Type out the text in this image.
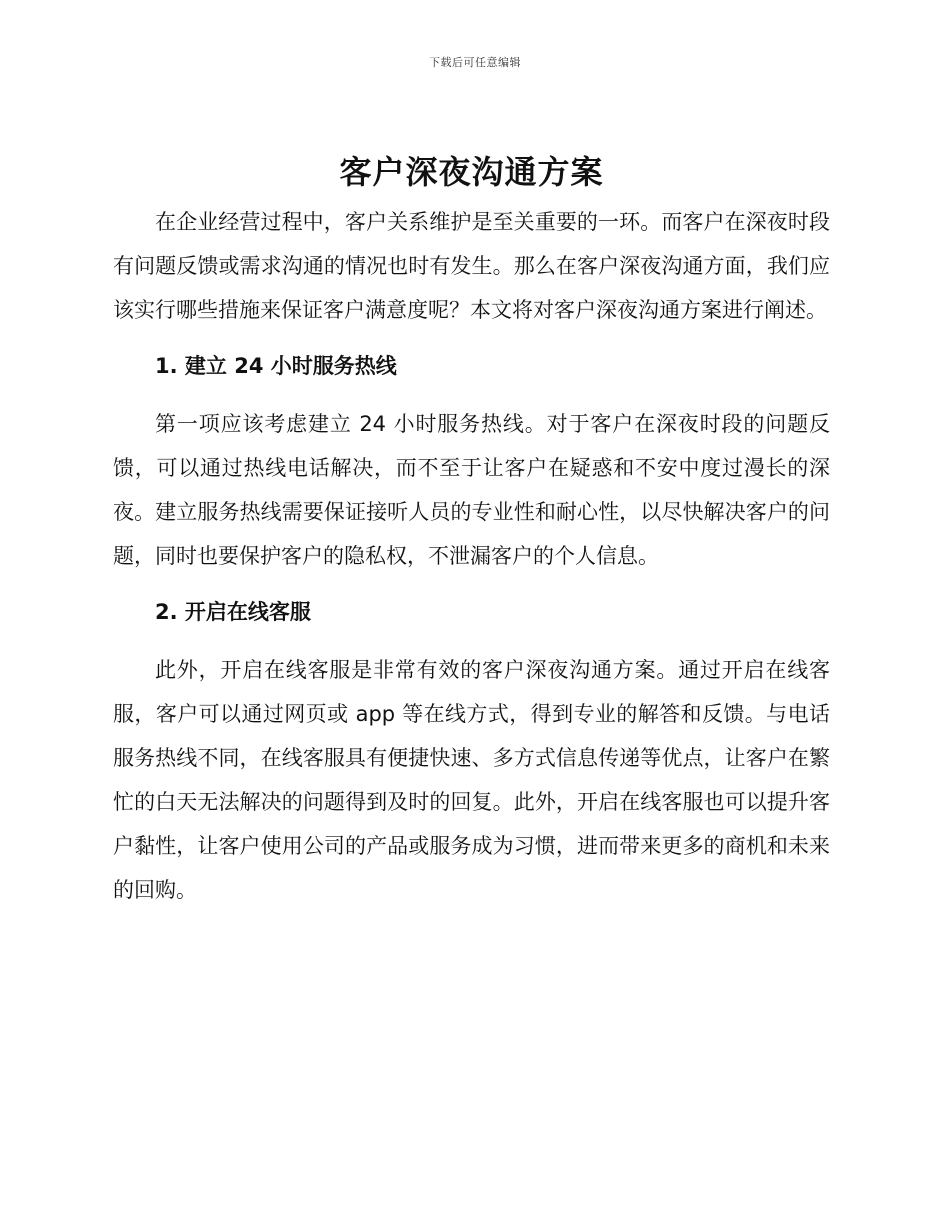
下载后可任意编辑
客户深夜沟通方案

在企业经营过程中，客户关系维护是至关重要的一环。而客户在深夜时段有问题反馈或需求沟通的情况也时有发生。那么在客户深夜沟通方面，我们应该实行哪些措施来保证客户满意度呢？本文将对客户深夜沟通方案进行阐述。

1. 建立 24 小时服务热线

第一项应该考虑建立 24 小时服务热线。对于客户在深夜时段的问题反馈，可以通过热线电话解决，而不至于让客户在疑惑和不安中度过漫长的深夜。建立服务热线需要保证接听人员的专业性和耐心性，以尽快解决客户的问题，同时也要保护客户的隐私权，不泄漏客户的个人信息。

2. 开启在线客服

此外，开启在线客服是非常有效的客户深夜沟通方案。通过开启在线客服，客户可以通过网页或 app 等在线方式，得到专业的解答和反馈。与电话服务热线不同，在线客服具有便捷快速、多方式信息传递等优点，让客户在繁忙的白天无法解决的问题得到及时的回复。此外，开启在线客服也可以提升客户黏性，让客户使用公司的产品或服务成为习惯，进而带来更多的商机和未来的回购。
